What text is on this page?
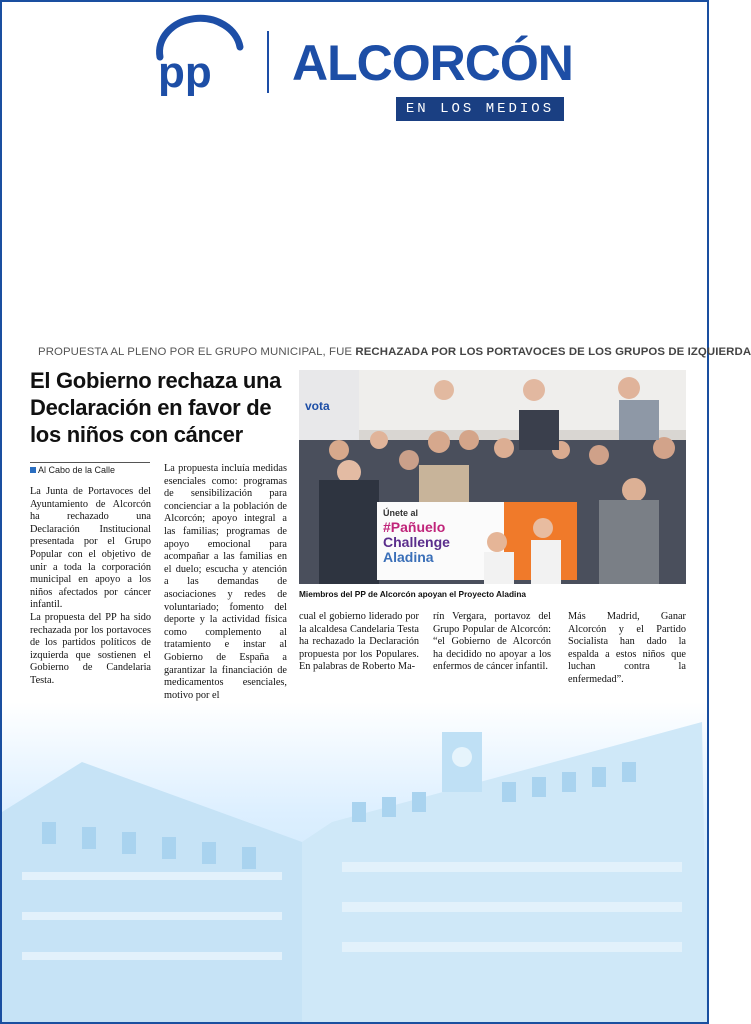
pp ALCORCÓN
EN LOS MEDIOS
PROPUESTA AL PLENO POR EL GRUPO MUNICIPAL, FUE RECHAZADA POR LOS PORTAVOCES DE LOS GRUPOS DE IZQUIERDA
El Gobierno rechaza una Declaración en favor de los niños con cáncer
Al Cabo de la Calle

La Junta de Portavoces del Ayuntamiento de Alcorcón ha rechazado una Declaración Institucional presentada por el Grupo Popular con el objetivo de unir a toda la corporación municipal en apoyo a los niños afectados por cáncer infantil.

La propuesta del PP ha sido rechazada por los portavoces de los partidos políticos de izquierda que sostienen el Gobierno de Candelaria Testa.

La propuesta incluía medidas esenciales como: programas de sensibilización para concienciar a la población de Alcorcón; apoyo integral a las familias; programas de apoyo emocional para acompañar a las familias en el duelo; escucha y atención a las demandas de asociaciones y redes de voluntariado; fomento del deporte y la actividad física como complemento al tratamiento e instar al Gobierno de España a garantizar la financiación de medicamentos esenciales, motivo por el

vota
Únete al
#Pañuelo
Challenge
Aladina
Miembros del PP de Alcorcón apoyan el Proyecto Aladina

cual el gobierno liderado por la alcaldesa Candelaria Testa ha rechazado la Declaración propuesta por los Populares. En palabras de Roberto Ma-

rín Vergara, portavoz del Grupo Popular de Alcorcón: “el Gobierno de Alcorcón ha decidido no apoyar a los enfermos de cáncer infantil.

Más Madrid, Ganar Alcorcón y el Partido Socialista han dado la espalda a estos niños que luchan contra la enfermedad”.
